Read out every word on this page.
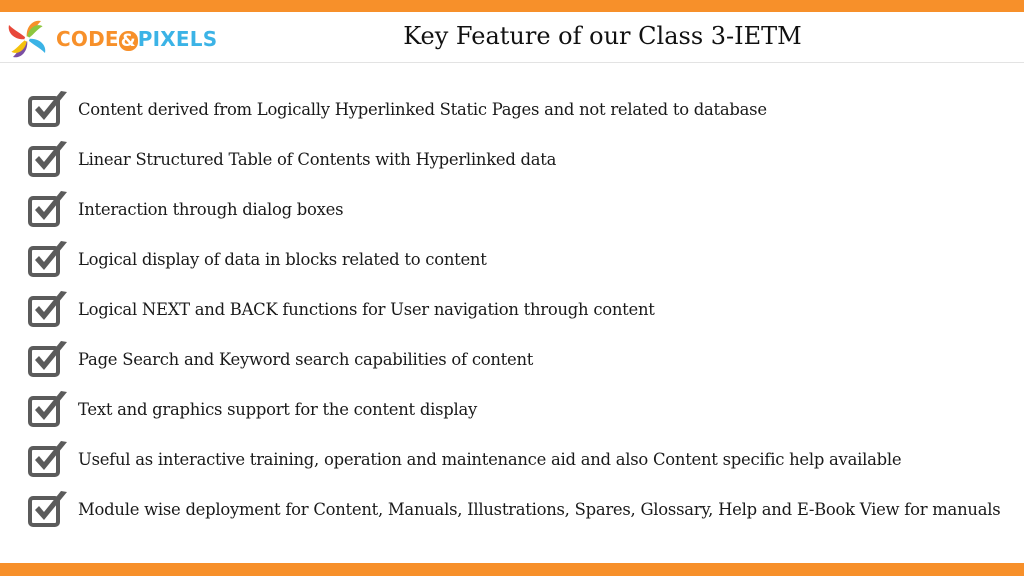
CODE & PIXELS	Key Feature of our Class 3-IETM
Content derived from Logically Hyperlinked Static Pages and not related to database
Linear Structured Table of Contents with Hyperlinked data
Interaction through dialog boxes
Logical display of data in blocks related to content
Logical NEXT and BACK functions for User navigation through content
Page Search and Keyword search capabilities of content
Text and graphics support for the content display
Useful as interactive training, operation and maintenance aid and also Content specific help available
Module wise deployment for Content, Manuals, Illustrations, Spares, Glossary, Help and E-Book View for manuals
